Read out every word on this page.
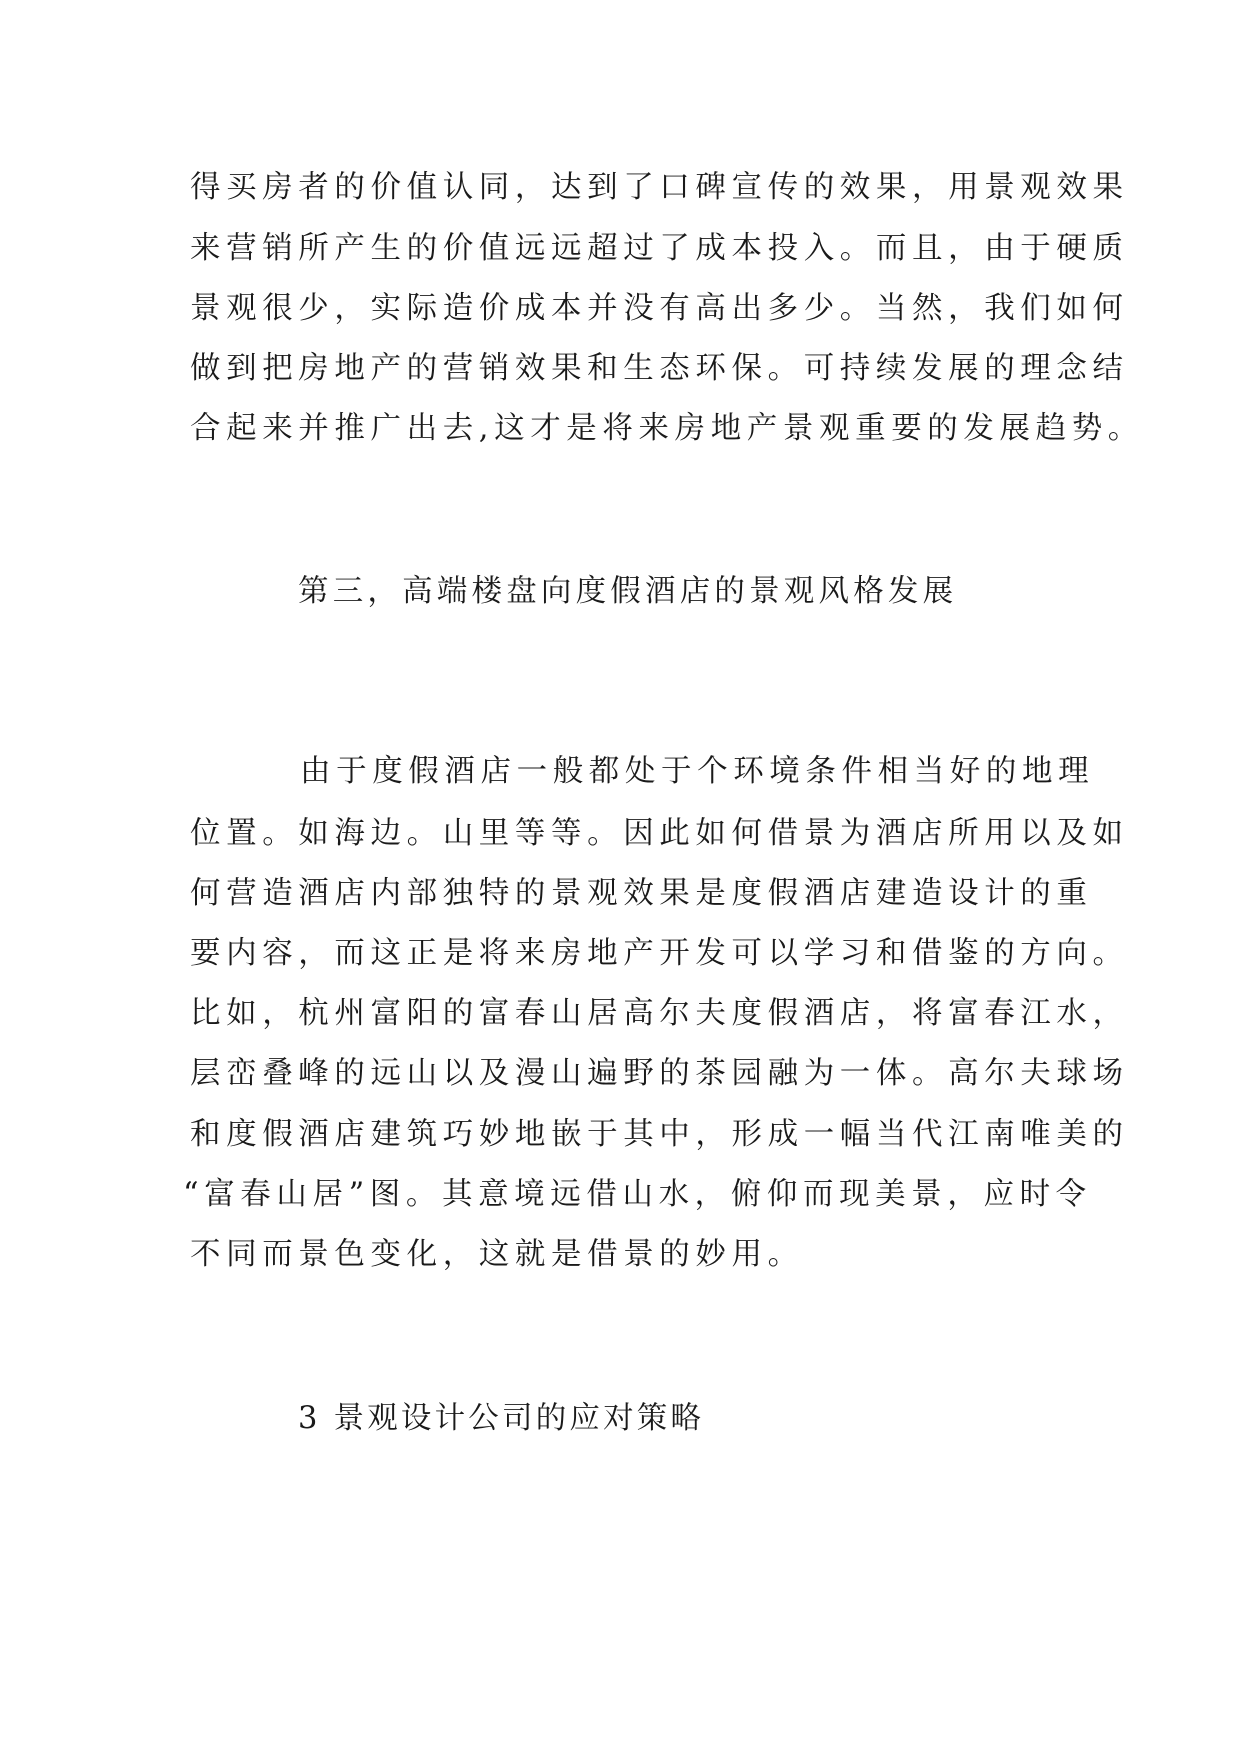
得买房者的价值认同，达到了口碑宣传的效果，用景观效果
来营销所产生的价值远远超过了成本投入。而且，由于硬质
景观很少，实际造价成本并没有高出多少。当然，我们如何
做到把房地产的营销效果和生态环保。可持续发展的理念结
合起来并推广出去,这才是将来房地产景观重要的发展趋势。
第三，高端楼盘向度假酒店的景观风格发展
由于度假酒店一般都处于个环境条件相当好的地理
位置。如海边。山里等等。因此如何借景为酒店所用以及如
何营造酒店内部独特的景观效果是度假酒店建造设计的重
要内容，而这正是将来房地产开发可以学习和借鉴的方向。
比如，杭州富阳的富春山居高尔夫度假酒店，将富春江水，
层峦叠峰的远山以及漫山遍野的茶园融为一体。高尔夫球场
和度假酒店建筑巧妙地嵌于其中，形成一幅当代江南唯美的
“富春山居”图。其意境远借山水，俯仰而现美景，应时令
不同而景色变化，这就是借景的妙用。
3 景观设计公司的应对策略
